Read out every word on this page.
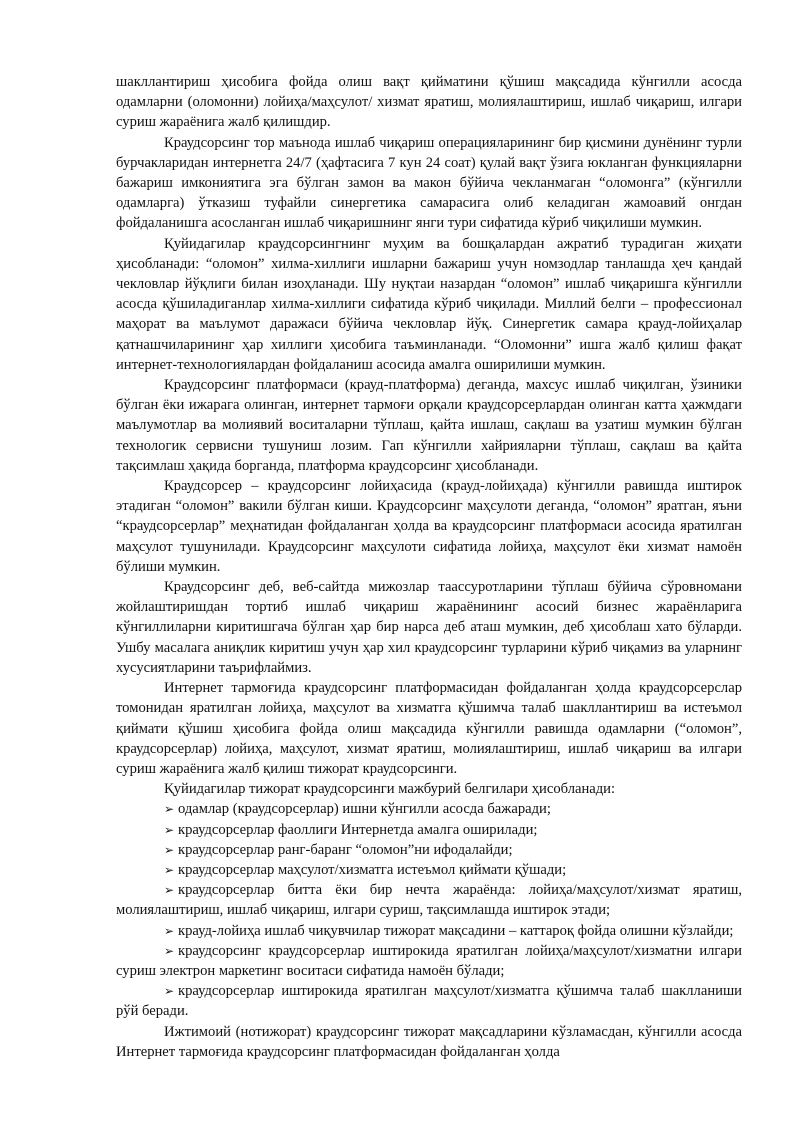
шакллантириш ҳисобига фойда олиш вақт қийматини қўшиш мақсадида кўнгилли асосда одамларни (оломонни) лойиҳа/маҳсулот/ хизмат яратиш, молиялаштириш, ишлаб чиқариш, илгари суриш жараёнига жалб қилишдир.

Краудсорсинг тор маънода ишлаб чиқариш операцияларининг бир қисмини дунёнинг турли бурчакларидан интернетга 24/7 (ҳафтасига 7 кун 24 соат) қулай вақт ўзига юкланган функцияларни бажариш имкониятига эга бўлган замон ва макон бўйича чекланмаган “оломонга” (кўнгилли одамларга) ўтказиш туфайли синергетика самарасига олиб келадиган жамоавий онгдан фойдаланишга асосланган ишлаб чиқаришнинг янги тури сифатида кўриб чиқилиши мумкин.

Қуйидагилар краудсорсингнинг муҳим ва бошқалардан ажратиб турадиган жиҳати ҳисобланади: “оломон” хилма-хиллиги ишларни бажариш учун номзодлар танлашда ҳеч қандай чекловлар йўқлиги билан изоҳланади. Шу нуқтаи назардан “оломон” ишлаб чиқаришга кўнгилли асосда қўшиладиганлар хилма-хиллиги сифатида кўриб чиқилади. Миллий белги – профессионал маҳорат ва маълумот даражаси бўйича чекловлар йўқ. Синергетик самара қрауд-лойиҳалар қатнашчиларининг ҳар хиллиги ҳисобига таъминланади. “Оломонни” ишга жалб қилиш фақат интернет-технологиялардан фойдаланиш асосида амалга оширилиши мумкин.

Краудсорсинг платформаси (крауд-платформа) деганда, махсус ишлаб чиқилган, ўзиники бўлган ёки ижарага олинган, интернет тармоғи орқали краудсорсерлардан олинган катта ҳажмдаги маълумотлар ва молиявий воситаларни тўплаш, қайта ишлаш, сақлаш ва узатиш мумкин бўлган технологик сервисни тушуниш лозим. Гап кўнгилли хайрияларни тўплаш, сақлаш ва қайта тақсимлаш ҳақида борганда, платформа краудсорсинг ҳисобланади.

Краудсорсер – краудсорсинг лойиҳасида (крауд-лойиҳада) кўнгилли равишда иштирок этадиган “оломон” вакили бўлган киши. Краудсорсинг маҳсулоти деганда, “оломон” яратган, яъни “краудсорсерлар” меҳнатидан фойдаланган ҳолда ва краудсорсинг платформаси асосида яратилган маҳсулот тушунилади. Краудсорсинг маҳсулоти сифатида лойиҳа, маҳсулот ёки хизмат намоён бўлиши мумкин.

Краудсорсинг деб, веб-сайтда мижозлар таассуротларини тўплаш бўйича сўровномани жойлаштиришдан тортиб ишлаб чиқариш жараёнининг асосий бизнес жараёнларига кўнгиллиларни киритишгача бўлган ҳар бир нарса деб аташ мумкин, деб ҳисоблаш хато бўларди. Ушбу масалага аниқлик киритиш учун ҳар хил краудсорсинг турларини кўриб чиқамиз ва уларнинг хусусиятларини таърифлаймиз.

Интернет тармоғида краудсорсинг платформасидан фойдаланган ҳолда краудсорсерслар томонидан яратилган лойиҳа, маҳсулот ва хизматга қўшимча талаб шакллантириш ва истеъмол қиймати қўшиш ҳисобига фойда олиш мақсадида кўнгилли равишда одамларни (“оломон”, краудсорсерлар) лойиҳа, маҳсулот, хизмат яратиш, молиялаштириш, ишлаб чиқариш ва илгари суриш жараёнига жалб қилиш тижорат краудсорсинги.

Қуйидагилар тижорат краудсорсинги мажбурий белгилари ҳисобланади:

➢ одамлар (краудсорсерлар) ишни кўнгилли асосда бажаради;
➢ краудсорсерлар фаоллиги Интернетда амалга оширилади;
➢ краудсорсерлар ранг-баранг “оломон”ни ифодалайди;
➢ краудсорсерлар маҳсулот/хизматга истеъмол қиймати қўшади;
➢ краудсорсерлар битта ёки бир нечта жараёнда: лойиҳа/маҳсулот/хизмат яратиш, молиялаштириш, ишлаб чиқариш, илгари суриш, тақсимлашда иштирок этади;
➢ крауд-лойиҳа ишлаб чиқувчилар тижорат мақсадини – каттароқ фойда олишни кўзлайди;
➢ краудсорсинг краудсорсерлар иштирокида яратилган лойиҳа/маҳсулот/хизматни илгари суриш электрон маркетинг воситаси сифатида намоён бўлади;
➢ краудсорсерлар иштирокида яратилган маҳсулот/хизматга қўшимча талаб шаклланиши рўй беради.

Ижтимоий (нотижорат) краудсорсинг тижорат мақсадларини кўзламасдан, кўнгилли асосда Интернет тармоғида краудсорсинг платформасидан фойдаланган ҳолда
